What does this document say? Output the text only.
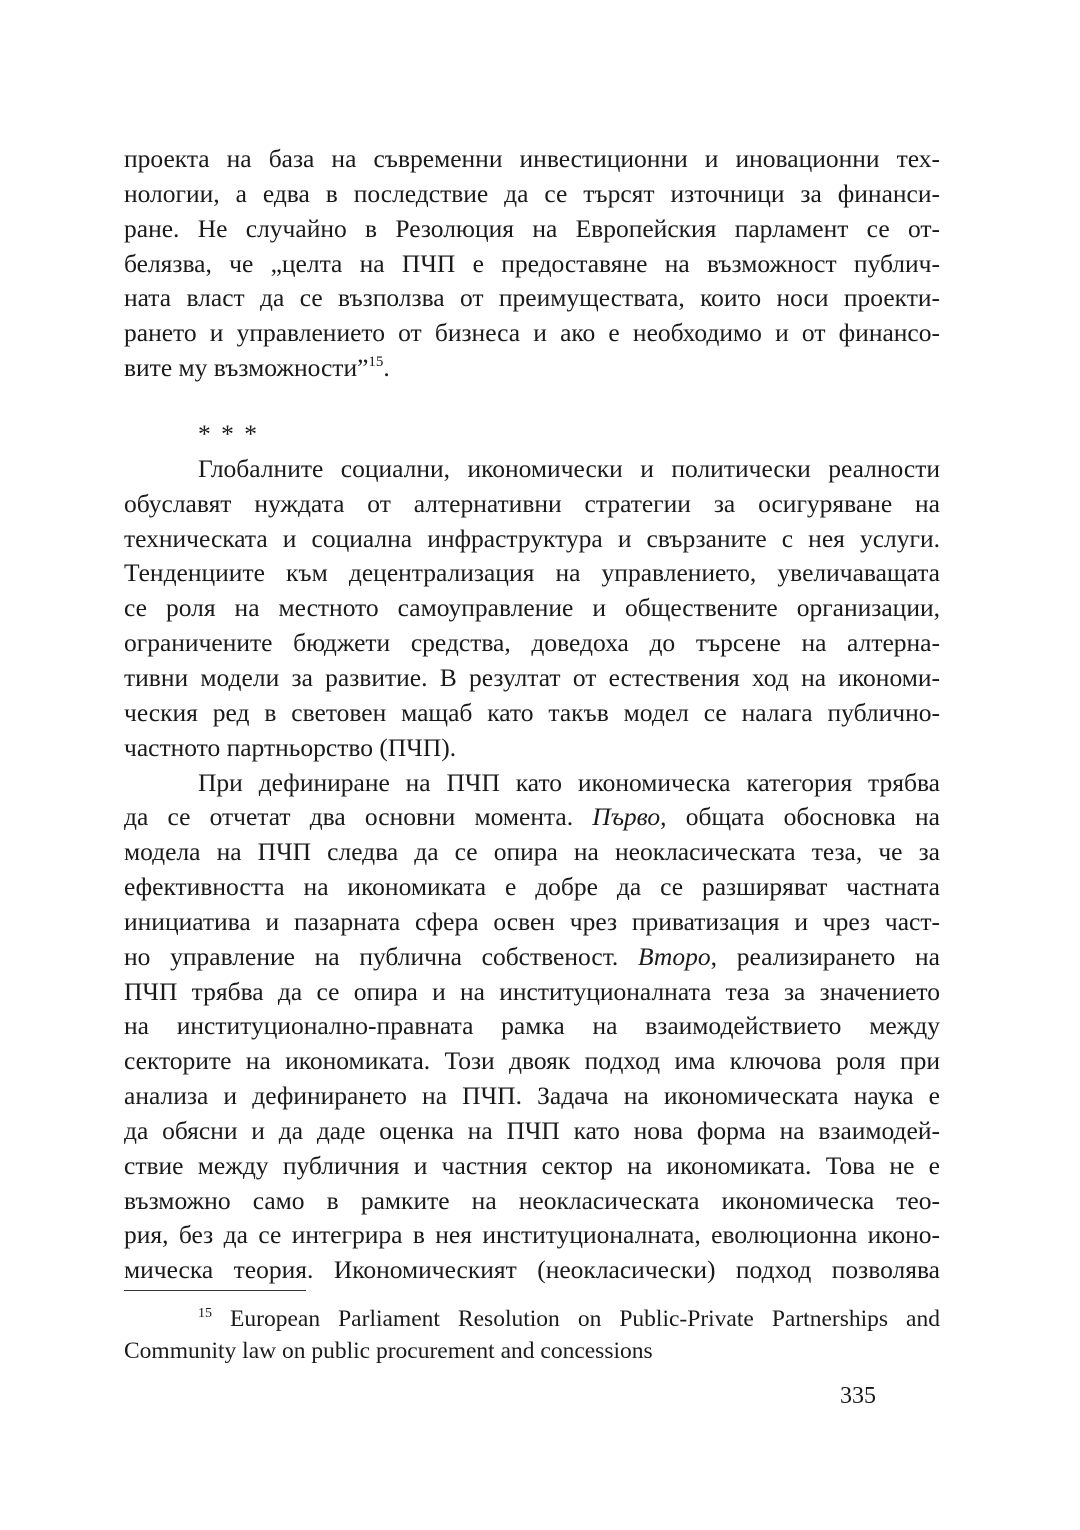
проекта на база на съвременни инвестиционни и иновационни тех-
нологии, а едва в последствие да се търсят източници за финанси-
ране. Не случайно в Резолюция на Европейския парламент се от-
белязва, че „целта на ПЧП е предоставяне на възможност публич-
ната власт да се възползва от преимуществата, които носи проекти-
рането и управлението от бизнеса и ако е необходимо и от финансо-
вите му възможности”$^{15}$.
* * *
Глобалните социални, икономически и политически реалности
обуславят нуждата от алтернативни стратегии за осигуряване на
техническата и социална инфраструктура и свързаните с нея услуги.
Тенденциите към децентрализация на управлението, увеличаващата
се роля на местното самоуправление и обществените организации,
ограничените бюджети средства, доведоха до търсене на алтерна-
тивни модели за развитие. В резултат от естествения ход на икономи-
ческия ред в световен мащаб като такъв модел се налага публично-
частното партньорство (ПЧП).
При дефиниране на ПЧП като икономическа категория трябва
да се отчетат два основни момента. Първо, общата обосновка на
модела на ПЧП следва да се опира на неокласическата теза, че за
ефективността на икономиката е добре да се разширяват частната
инициатива и пазарната сфера освен чрез приватизация и чрез част-
но управление на публична собственост. Второ, реализирането на
ПЧП трябва да се опира и на институционалната теза за значението
на институционално-правната рамка на взаимодействието между
секторите на икономиката. Този двояк подход има ключова роля при
анализа и дефинирането на ПЧП. Задача на икономическата наука е
да обясни и да даде оценка на ПЧП като нова форма на взаимодей-
ствие между публичния и частния сектор на икономиката. Това не е
възможно само в рамките на неокласическата икономическа тео-
рия, без да се интегрира в нея институционалната, еволюционна иконо-
мическа теория. Икономическият (неокласически) подход позволява
$^{15}$ European Parliament Resolution on Public-Private Partnerships and
Community law on public procurement and concessions
335
